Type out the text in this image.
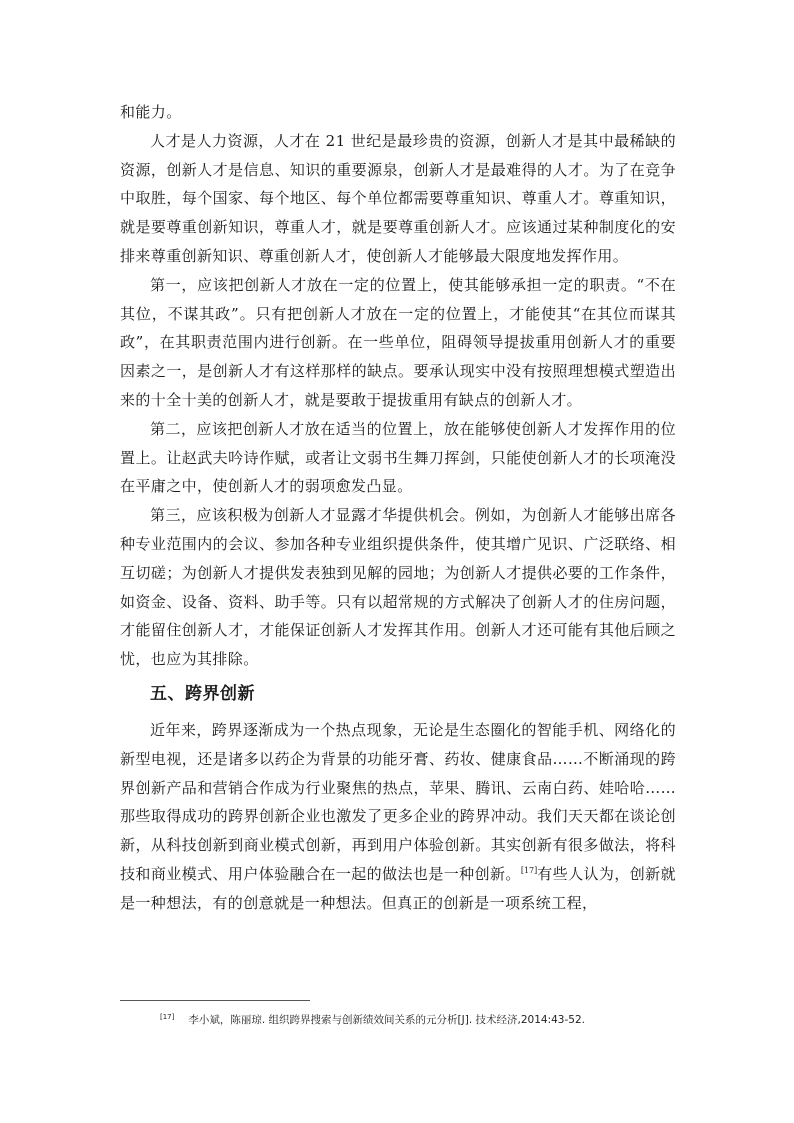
和能力。

人才是人力资源，人才在 21 世纪是最珍贵的资源，创新人才是其中最稀缺的资源，创新人才是信息、知识的重要源泉，创新人才是最难得的人才。为了在竞争中取胜，每个国家、每个地区、每个单位都需要尊重知识、尊重人才。尊重知识，就是要尊重创新知识，尊重人才，就是要尊重创新人才。应该通过某种制度化的安排来尊重创新知识、尊重创新人才，使创新人才能够最大限度地发挥作用。

第一，应该把创新人才放在一定的位置上，使其能够承担一定的职责。“不在其位，不谋其政”。只有把创新人才放在一定的位置上，才能使其“在其位而谋其政”，在其职责范围内进行创新。在一些单位，阻碍领导提拔重用创新人才的重要因素之一，是创新人才有这样那样的缺点。要承认现实中没有按照理想模式塑造出来的十全十美的创新人才，就是要敢于提拔重用有缺点的创新人才。

第二，应该把创新人才放在适当的位置上，放在能够使创新人才发挥作用的位置上。让赵武夫吟诗作赋，或者让文弱书生舞刀挥剑，只能使创新人才的长项淹没在平庸之中，使创新人才的弱项愈发凸显。

第三，应该积极为创新人才显露才华提供机会。例如，为创新人才能够出席各种专业范围内的会议、参加各种专业组织提供条件，使其增广见识、广泛联络、相互切磋；为创新人才提供发表独到见解的园地；为创新人才提供必要的工作条件，如资金、设备、资料、助手等。只有以超常规的方式解决了创新人才的住房问题，才能留住创新人才，才能保证创新人才发挥其作用。创新人才还可能有其他后顾之忧，也应为其排除。

五、跨界创新

近年来，跨界逐渐成为一个热点现象，无论是生态圈化的智能手机、网络化的新型电视，还是诸多以药企为背景的功能牙膏、药妆、健康食品……不断涌现的跨界创新产品和营销合作成为行业聚焦的热点，苹果、腾讯、云南白药、娃哈哈……那些取得成功的跨界创新企业也激发了更多企业的跨界冲动。我们天天都在谈论创新，从科技创新到商业模式创新，再到用户体验创新。其实创新有很多做法，将科技和商业模式、用户体验融合在一起的做法也是一种创新。[17]有些人认为，创新就是一种想法，有的创意就是一种想法。但真正的创新是一项系统工程，

[17] 李小斌，陈丽琼. 组织跨界搜索与创新绩效间关系的元分析[J]. 技术经济,2014:43-52.
